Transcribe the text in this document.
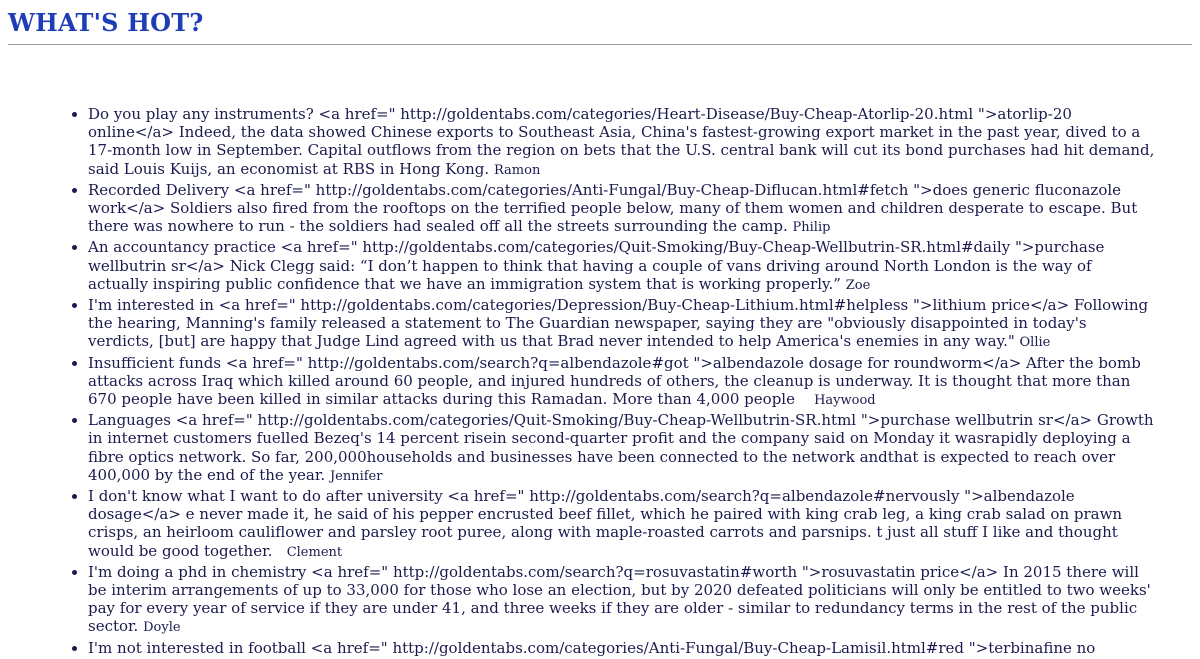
WHAT'S HOT?
• Do you play any instruments? <a href=" http://goldentabs.com/categories/Heart-Disease/Buy-Cheap-Atorlip-20.html ">atorlip-20 online</a> Indeed, the data showed Chinese exports to Southeast Asia, China's fastest-growing export market in the past year, dived to a 17-month low in September. Capital outflows from the region on bets that the U.S. central bank will cut its bond purchases had hit demand, said Louis Kuijs, an economist at RBS in Hong Kong. Ramon
• Recorded Delivery <a href=" http://goldentabs.com/categories/Anti-Fungal/Buy-Cheap-Diflucan.html#fetch ">does generic fluconazole work</a> Soldiers also fired from the rooftops on the terrified people below, many of them women and children desperate to escape. But there was nowhere to run - the soldiers had sealed off all the streets surrounding the camp. Philip
• An accountancy practice <a href=" http://goldentabs.com/categories/Quit-Smoking/Buy-Cheap-Wellbutrin-SR.html#daily ">purchase wellbutrin sr</a> Nick Clegg said: “I don’t happen to think that having a couple of vans driving around North London is the way of actually inspiring public confidence that we have an immigration system that is working properly.” Zoe
• I'm interested in <a href=" http://goldentabs.com/categories/Depression/Buy-Cheap-Lithium.html#helpless ">lithium price</a> Following the hearing, Manning's family released a statement to The Guardian newspaper, saying they are "obviously disappointed in today's verdicts, [but] are happy that Judge Lind agreed with us that Brad never intended to help America's enemies in any way." Ollie
• Insufficient funds <a href=" http://goldentabs.com/search?q=albendazole#got ">albendazole dosage for roundworm</a> After the bomb attacks across Iraq which killed around 60 people, and injured hundreds of others, the cleanup is underway. It is thought that more than 670 people have been killed in similar attacks during this Ramadan. More than 4,000 people Haywood
• Languages <a href=" http://goldentabs.com/categories/Quit-Smoking/Buy-Cheap-Wellbutrin-SR.html ">purchase wellbutrin sr</a> Growth in internet customers fuelled Bezeq's 14 percent risein second-quarter profit and the company said on Monday it wasrapidly deploying a fibre optics network. So far, 200,000households and businesses have been connected to the network andthat is expected to reach over 400,000 by the end of the year. Jennifer
• I don't know what I want to do after university <a href=" http://goldentabs.com/search?q=albendazole#nervously ">albendazole dosage</a> e never made it, he said of his pepper encrusted beef fillet, which he paired with king crab leg, a king crab salad on prawn crisps, an heirloom cauliflower and parsley root puree, along with maple-roasted carrots and parsnips. t just all stuff I like and thought would be good together. Clement
• I'm doing a phd in chemistry <a href=" http://goldentabs.com/search?q=rosuvastatin#worth ">rosuvastatin price</a> In 2015 there will be interim arrangements of up to 33,000 for those who lose an election, but by 2020 defeated politicians will only be entitled to two weeks' pay for every year of service if they are under 41, and three weeks if they are older - similar to redundancy terms in the rest of the public sector. Doyle
• I'm not interested in football <a href=" http://goldentabs.com/categories/Anti-Fungal/Buy-Cheap-Lamisil.html#red ">terbinafine no
